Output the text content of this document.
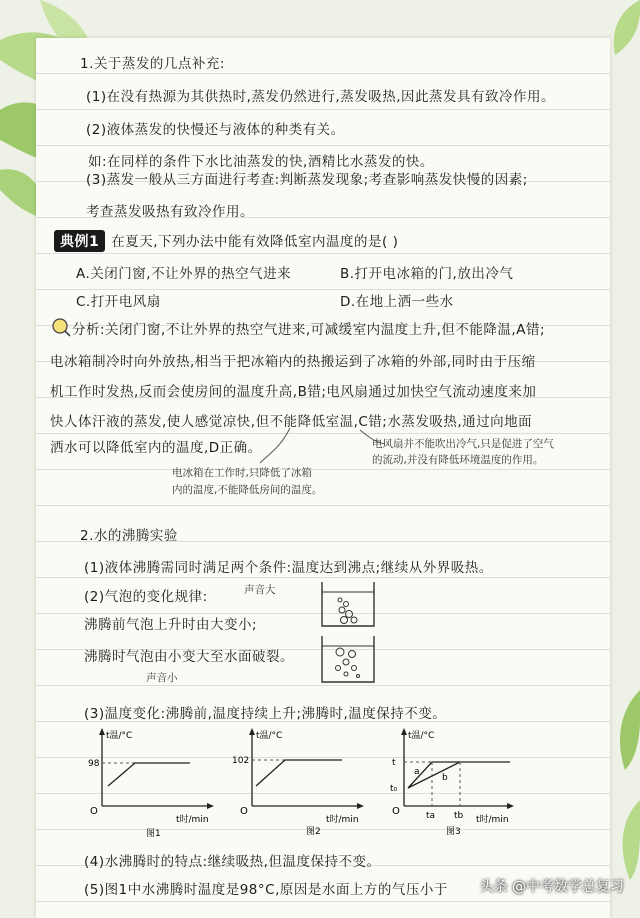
1.关于蒸发的几点补充:
(1)在没有热源为其供热时,蒸发仍然进行,蒸发吸热,因此蒸发具有致冷作用。
(2)液体蒸发的快慢还与液体的种类有关。
如:在同样的条件下水比油蒸发的快,酒精比水蒸发的快。
(3)蒸发一般从三方面进行考查:判断蒸发现象;考查影响蒸发快慢的因素;
考查蒸发吸热有致冷作用。
典例1 在夏天,下列办法中能有效降低室内温度的是( )
A.关闭门窗,不让外界的热空气进来	B.打开电冰箱的门,放出冷气
C.打开电风扇	D.在地上洒一些水
分析:关闭门窗,不让外界的热空气进来,可减缓室内温度上升,但不能降温,A错;
电冰箱制冷时向外放热,相当于把冰箱内的热搬运到了冰箱的外部,同时由于压缩
机工作时发热,反而会使房间的温度升高,B错;电风扇通过加快空气流动速度来加
快人体汗液的蒸发,使人感觉凉快,但不能降低室温,C错;水蒸发吸热,通过向地面
洒水可以降低室内的温度,D正确。	电风扇并不能吹出冷气,只是促进了空气
的流动,并没有降低环境温度的作用。
电冰箱在工作时,只降低了冰箱
内的温度,不能降低房间的温度。
2.水的沸腾实验
(1)液体沸腾需同时满足两个条件:温度达到沸点;继续从外界吸热。
(2)气泡的变化规律:	声音大
沸腾前气泡上升时由大变小;
沸腾时气泡由小变大至水面破裂。
声音小
(3)温度变化:沸腾前,温度持续上升;沸腾时,温度保持不变。
t温/°C
t时/min
98
O
图1
t温/°C
t时/min
102
O
图2
t温/°C
t时/min
t
t₀
ta tb
a
b
O
图3
(4)水沸腾时的特点:继续吸热,但温度保持不变。
(5)图1中水沸腾时温度是98°C,原因是水面上方的气压小于 头条 @中考数学总复习
